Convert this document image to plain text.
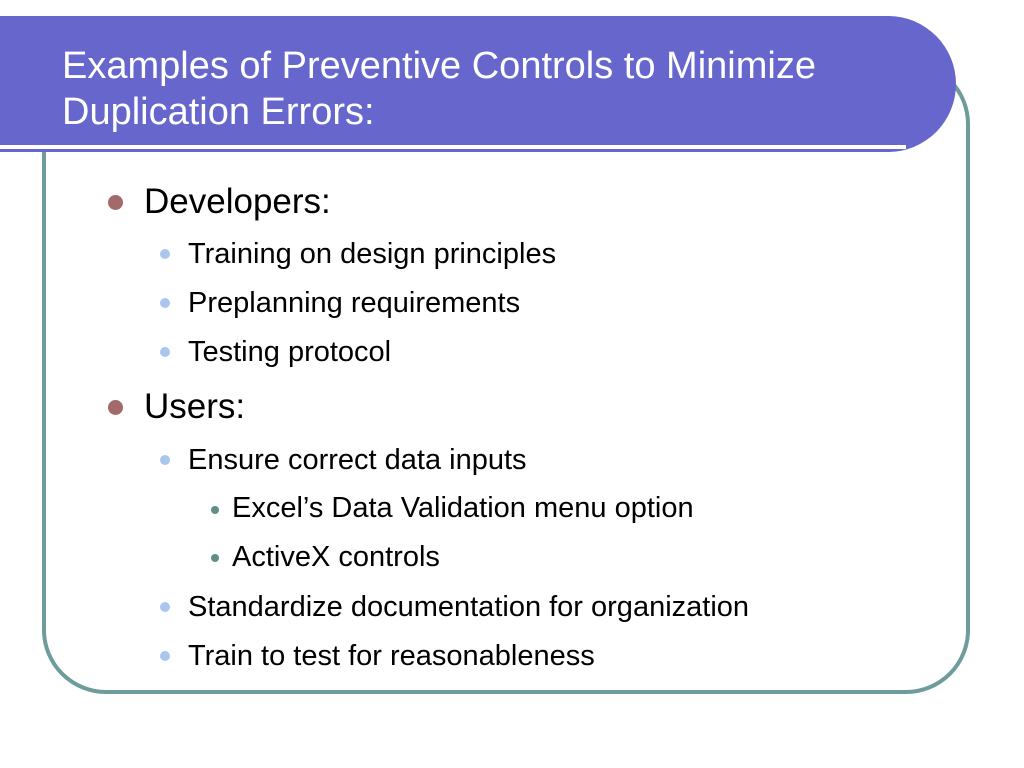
Examples of Preventive Controls to Minimize
Duplication Errors:
Developers:
Training on design principles
Preplanning requirements
Testing protocol
Users:
Ensure correct data inputs
Excel’s Data Validation menu option
ActiveX controls
Standardize documentation for organization
Train to test for reasonableness
